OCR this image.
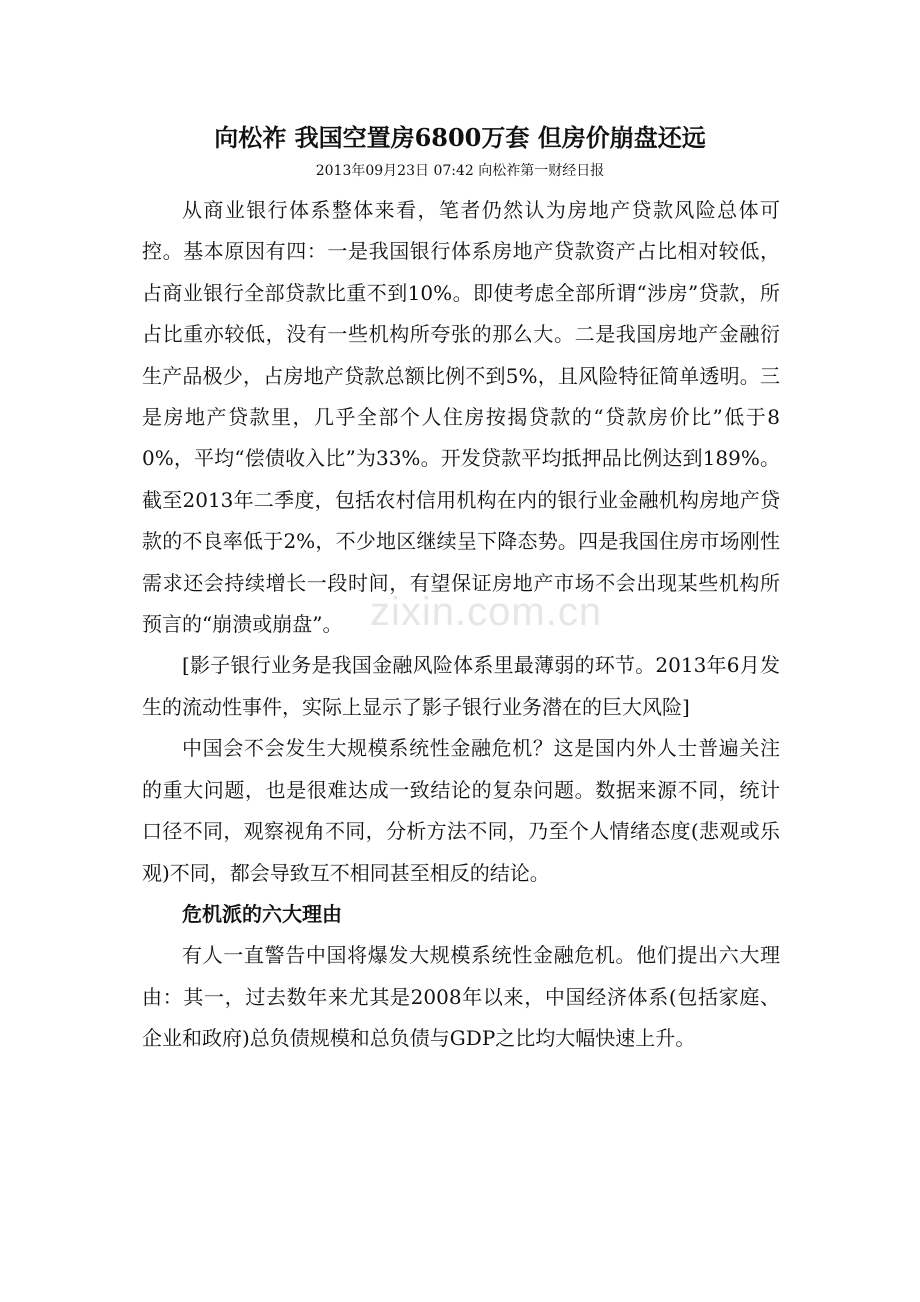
zixin.com.cn
向松祚 我国空置房6800万套 但房价崩盘还远
2013年09月23日 07:42 向松祚第一财经日报

从商业银行体系整体来看，笔者仍然认为房地产贷款风险总体可控。基本原因有四：一是我国银行体系房地产贷款资产占比相对较低，占商业银行全部贷款比重不到10%。即使考虑全部所谓“涉房”贷款，所占比重亦较低，没有一些机构所夸张的那么大。二是我国房地产金融衍生产品极少，占房地产贷款总额比例不到5%，且风险特征简单透明。三是房地产贷款里，几乎全部个人住房按揭贷款的“贷款房价比”低于80%，平均“偿债收入比”为33%。开发贷款平均抵押品比例达到189%。截至2013年二季度，包括农村信用机构在内的银行业金融机构房地产贷款的不良率低于2%，不少地区继续呈下降态势。四是我国住房市场刚性需求还会持续增长一段时间，有望保证房地产市场不会出现某些机构所预言的“崩溃或崩盘”。

[影子银行业务是我国金融风险体系里最薄弱的环节。2013年6月发生的流动性事件，实际上显示了影子银行业务潜在的巨大风险]

中国会不会发生大规模系统性金融危机？这是国内外人士普遍关注的重大问题，也是很难达成一致结论的复杂问题。数据来源不同，统计口径不同，观察视角不同，分析方法不同，乃至个人情绪态度(悲观或乐观)不同，都会导致互不相同甚至相反的结论。

危机派的六大理由

有人一直警告中国将爆发大规模系统性金融危机。他们提出六大理由：其一，过去数年来尤其是2008年以来，中国经济体系(包括家庭、企业和政府)总负债规模和总负债与GDP之比均大幅快速上升。
